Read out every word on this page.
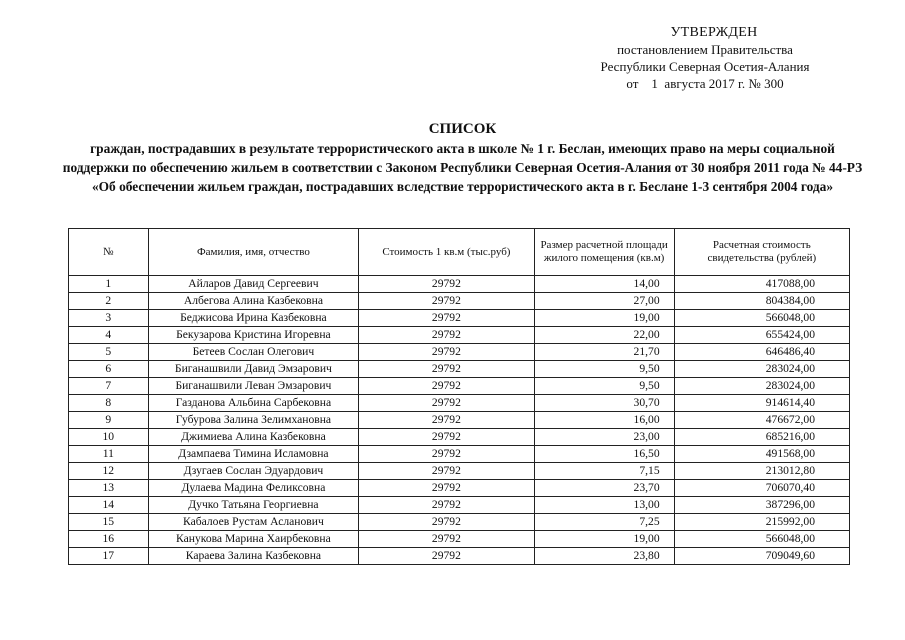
УТВЕРЖДЕН
постановлением Правительства
Республики Северная Осетия-Алания
от    1  августа 2017 г. № 300
СПИСОК
граждан, пострадавших в результате террористического акта в школе № 1 г. Беслан, имеющих право на меры социальной поддержки по обеспечению жильем в соответствии с Законом Республики Северная Осетия-Алания от 30 ноября 2011 года № 44-РЗ «Об обеспечении жильем граждан, пострадавших вследствие террористического акта в г. Беслане 1-3 сентября 2004 года»
№	Фамилия, имя, отчество	Стоимость 1 кв.м (тыс.руб)	Размер расчетной площади жилого помещения (кв.м)	Расчетная стоимость свидетельства (рублей)
1	Айларов Давид Сергеевич	29792	14,00	417088,00
2	Албегова Алина Казбековна	29792	27,00	804384,00
3	Беджисова Ирина Казбековна	29792	19,00	566048,00
4	Бекузарова Кристина Игоревна	29792	22,00	655424,00
5	Бетеев Сослан Олегович	29792	21,70	646486,40
6	Биганашвили Давид Эмзарович	29792	9,50	283024,00
7	Биганашвили Леван Эмзарович	29792	9,50	283024,00
8	Газданова Альбина Сарбековна	29792	30,70	914614,40
9	Губурова Залина Зелимхановна	29792	16,00	476672,00
10	Джимиева Алина Казбековна	29792	23,00	685216,00
11	Дзампаева Тимина Исламовна	29792	16,50	491568,00
12	Дзугаев Сослан Эдуардович	29792	7,15	213012,80
13	Дулаева Мадина Феликсовна	29792	23,70	706070,40
14	Дучко Татьяна Георгиевна	29792	13,00	387296,00
15	Кабалоев Рустам Асланович	29792	7,25	215992,00
16	Канукова Марина Хаирбековна	29792	19,00	566048,00
17	Караева Залина Казбековна	29792	23,80	709049,60
